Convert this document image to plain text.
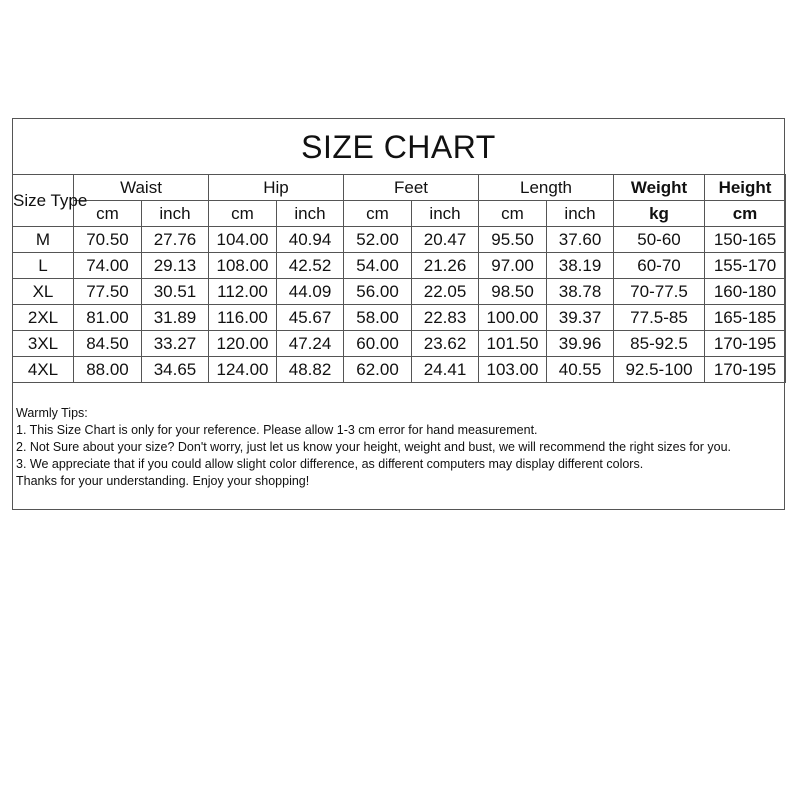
SIZE CHART
Size Type	Waist		Hip		Feet		Length		Weight	Height
	cm	inch	cm	inch	cm	inch	cm	inch	kg	cm
M	70.50	27.76	104.00	40.94	52.00	20.47	95.50	37.60	50-60	150-165
L	74.00	29.13	108.00	42.52	54.00	21.26	97.00	38.19	60-70	155-170
XL	77.50	30.51	112.00	44.09	56.00	22.05	98.50	38.78	70-77.5	160-180
2XL	81.00	31.89	116.00	45.67	58.00	22.83	100.00	39.37	77.5-85	165-185
3XL	84.50	33.27	120.00	47.24	60.00	23.62	101.50	39.96	85-92.5	170-195
4XL	88.00	34.65	124.00	48.82	62.00	24.41	103.00	40.55	92.5-100	170-195
Warmly Tips:
1. This Size Chart is only for your reference. Please allow 1-3 cm error for hand measurement.
2. Not Sure about your size? Don't worry, just let us know your height, weight and bust, we will recommend the right sizes for you.
3. We appreciate that if you could allow slight color difference, as different computers may display different colors.
Thanks for your understanding. Enjoy your shopping!
